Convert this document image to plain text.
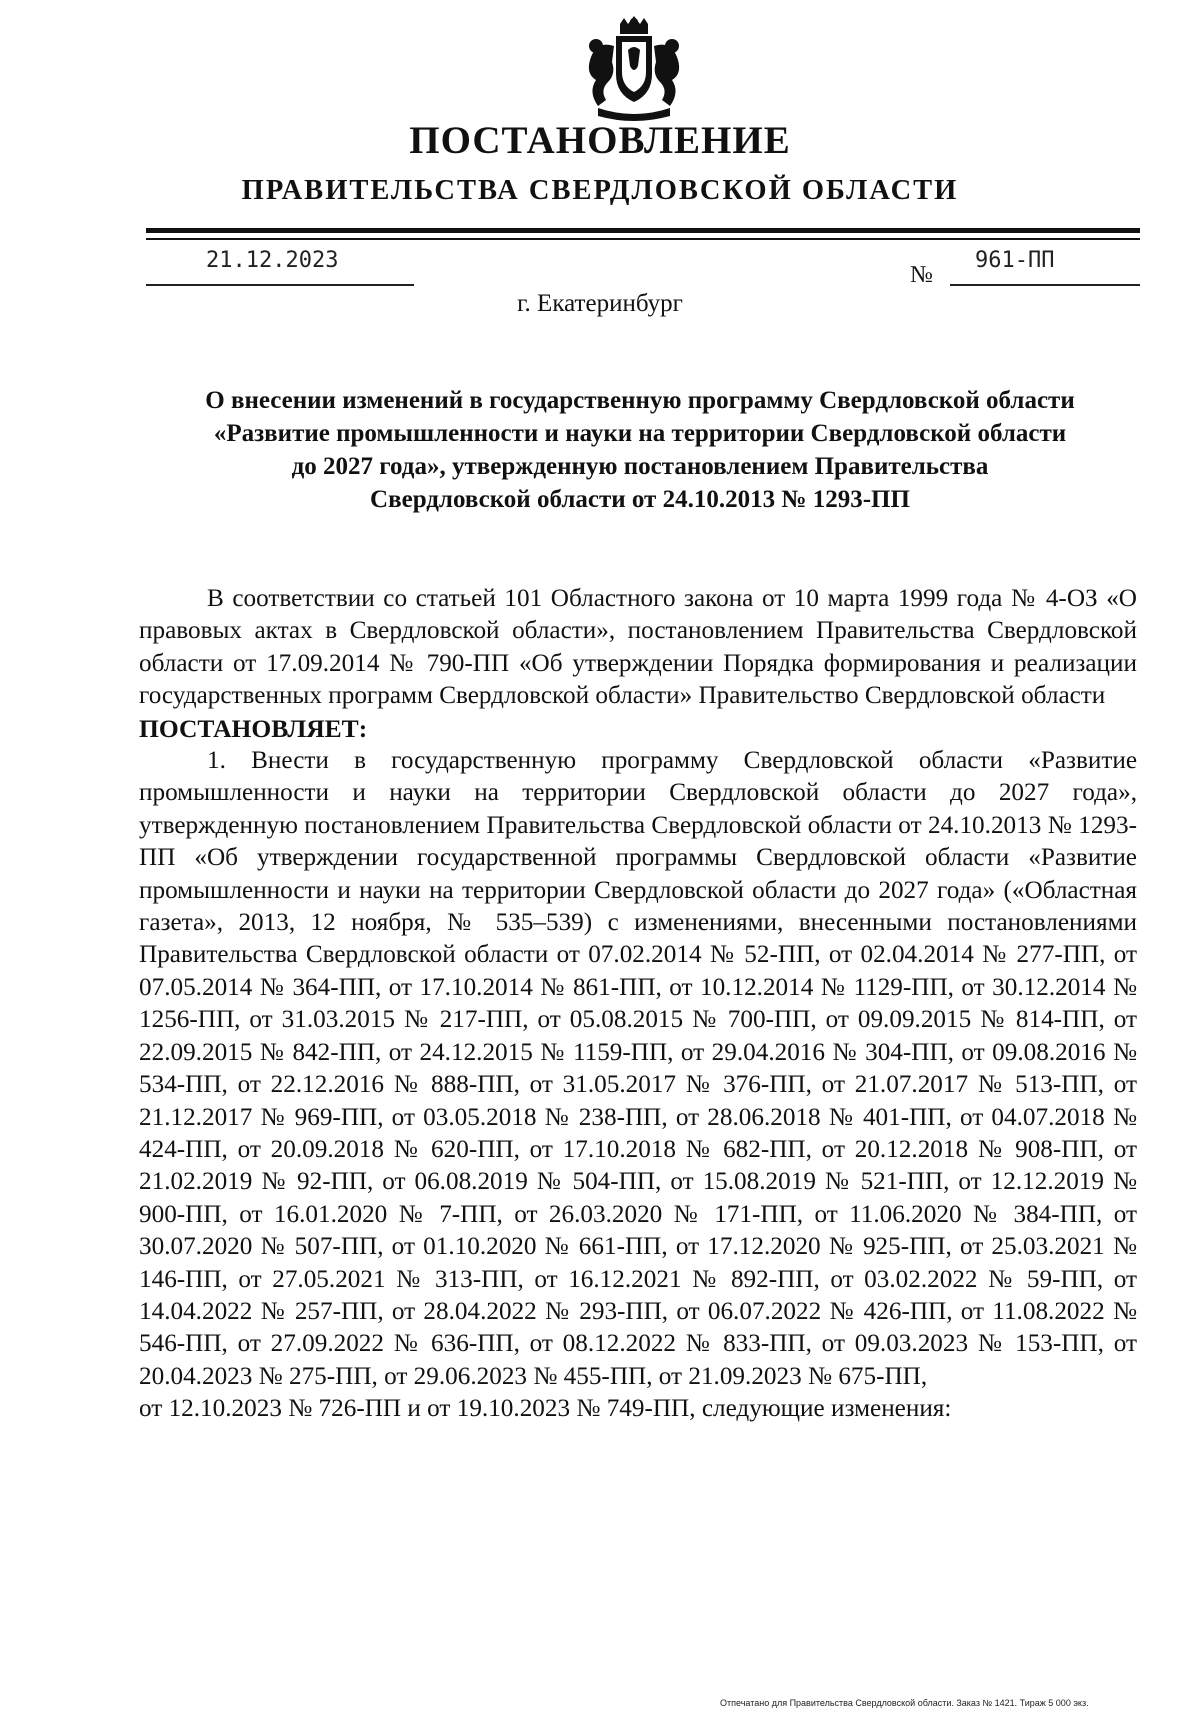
ПОСТАНОВЛЕНИЕ
ПРАВИТЕЛЬСТВА СВЕРДЛОВСКОЙ ОБЛАСТИ
21.12.2023
№
961-ПП
г. Екатеринбург
О внесении изменений в государственную программу Свердловской области
«Развитие промышленности и науки на территории Свердловской области
до 2027 года», утвержденную постановлением Правительства
Свердловской области от 24.10.2013 № 1293-ПП

В соответствии со статьей 101 Областного закона от 10 марта 1999 года № 4-ОЗ «О правовых актах в Свердловской области», постановлением Правительства Свердловской области от 17.09.2014 № 790-ПП «Об утверждении Порядка формирования и реализации государственных программ Свердловской области» Правительство Свердловской области

ПОСТАНОВЛЯЕТ:

1. Внести в государственную программу Свердловской области «Развитие промышленности и науки на территории Свердловской области до 2027 года», утвержденную постановлением Правительства Свердловской области от 24.10.2013 № 1293-ПП «Об утверждении государственной программы Свердловской области «Развитие промышленности и науки на территории Свердловской области до 2027 года» («Областная газета», 2013, 12 ноября, № 535–539) с изменениями, внесенными постановлениями Правительства Свердловской области от 07.02.2014 № 52-ПП, от 02.04.2014 № 277-ПП, от 07.05.2014 № 364-ПП, от 17.10.2014 № 861-ПП, от 10.12.2014 № 1129-ПП, от 30.12.2014 № 1256-ПП, от 31.03.2015 № 217-ПП, от 05.08.2015 № 700-ПП, от 09.09.2015 № 814-ПП, от 22.09.2015 № 842-ПП, от 24.12.2015 № 1159-ПП, от 29.04.2016 № 304-ПП, от 09.08.2016 № 534-ПП, от 22.12.2016 № 888-ПП, от 31.05.2017 № 376-ПП, от 21.07.2017 № 513-ПП, от 21.12.2017 № 969-ПП, от 03.05.2018 № 238-ПП, от 28.06.2018 № 401-ПП, от 04.07.2018 № 424-ПП, от 20.09.2018 № 620-ПП, от 17.10.2018 № 682-ПП, от 20.12.2018 № 908-ПП, от 21.02.2019 № 92-ПП, от 06.08.2019 № 504-ПП, от 15.08.2019 № 521-ПП, от 12.12.2019 № 900-ПП, от 16.01.2020 № 7-ПП, от 26.03.2020 № 171-ПП, от 11.06.2020 № 384-ПП, от 30.07.2020 № 507-ПП, от 01.10.2020 № 661-ПП, от 17.12.2020 № 925-ПП, от 25.03.2021 № 146-ПП, от 27.05.2021 № 313-ПП, от 16.12.2021 № 892-ПП, от 03.02.2022 № 59-ПП, от 14.04.2022 № 257-ПП, от 28.04.2022 № 293-ПП, от 06.07.2022 № 426-ПП, от 11.08.2022 № 546-ПП, от 27.09.2022 № 636-ПП, от 08.12.2022 № 833-ПП, от 09.03.2023 № 153-ПП, от 20.04.2023 № 275-ПП, от 29.06.2023 № 455-ПП, от 21.09.2023 № 675-ПП,

от 12.10.2023 № 726-ПП и от 19.10.2023 № 749-ПП, следующие изменения:

Отпечатано для Правительства Свердловской области. Заказ № 1421. Тираж 5 000 экз.
